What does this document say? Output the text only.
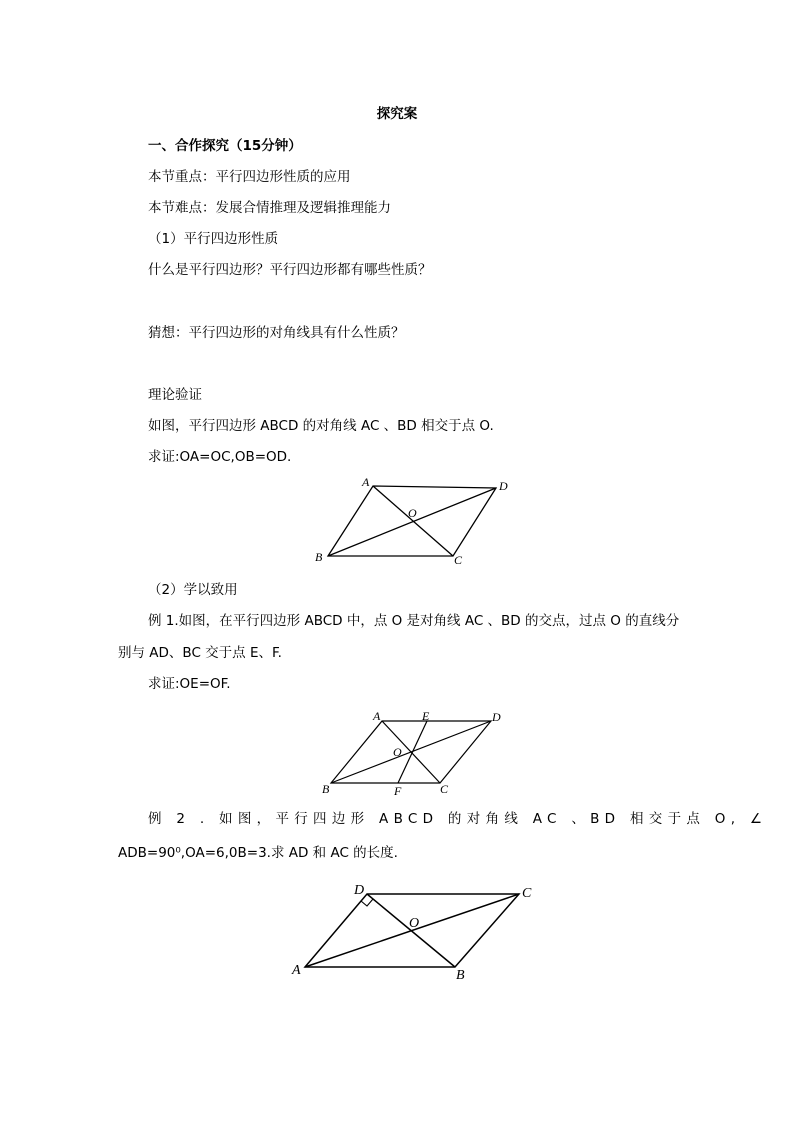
探究案
一、合作探究（15分钟）
本节重点：平行四边形性质的应用
本节难点：发展合情推理及逻辑推理能力
（1）平行四边形性质
什么是平行四边形？平行四边形都有哪些性质？
猜想：平行四边形的对角线具有什么性质？
理论验证
如图，平行四边形 ABCD 的对角线 AC 、BD 相交于点 O.
求证:OA=OC,OB=OD.
A	D
O
B	C
（2）学以致用
例 1.如图，在平行四边形 ABCD 中，点 O 是对角线 AC 、BD 的交点，过点 O 的直线分
别与 AD、BC 交于点 E、F.
求证:OE=OF.
A	E	D
O
B	F	C
例 2 . 如图，平行四边形 ABCD 的对角线 AC 、BD 相交于点 O, ∠
ADB=90⁰,OA=6,0B=3.求 AD 和 AC 的长度.
D	C
O
A	B
